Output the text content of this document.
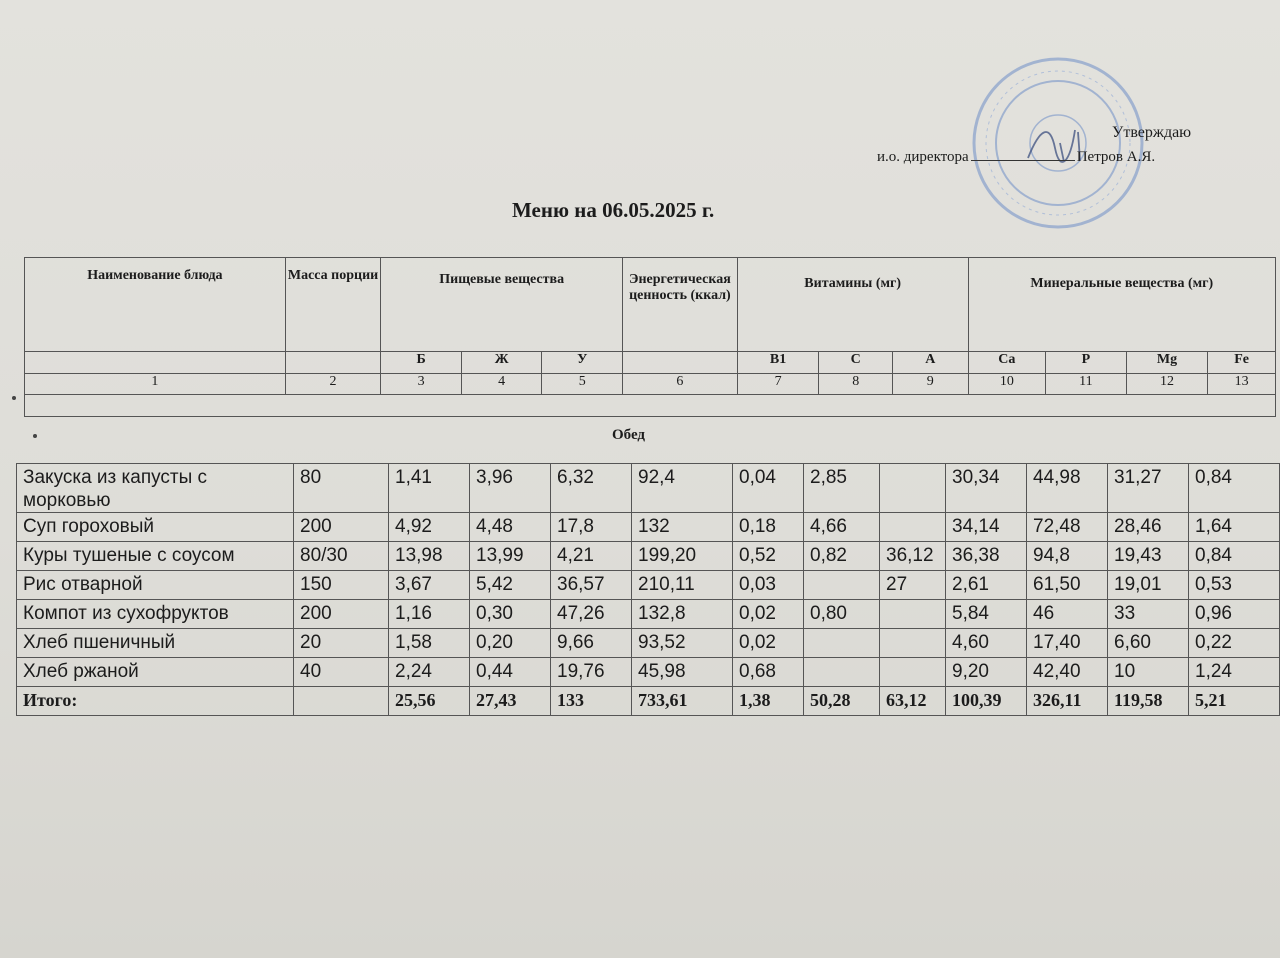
Утверждаю
и.о. директора	Петров А.Я.
Меню на 06.05.2025 г.
Наименование блюда	Масса порции	Пищевые вещества			Энергетическая ценность (ккал)	Витамины (мг)			Минеральные вещества (мг)			
		Б	Ж	У		В1	С	А	Ca	P	Mg	Fe
1	2	3	4	5	6	7	8	9	10	11	12	13

Обед
Закуска из капусты с морковью	80	1,41	3,96	6,32	92,4	0,04	2,85		30,34	44,98	31,27	0,84
Суп гороховый	200	4,92	4,48	17,8	132	0,18	4,66		34,14	72,48	28,46	1,64
Куры тушеные с соусом	80/30	13,98	13,99	4,21	199,20	0,52	0,82	36,12	36,38	94,8	19,43	0,84
Рис отварной	150	3,67	5,42	36,57	210,11	0,03		27	2,61	61,50	19,01	0,53
Компот из сухофруктов	200	1,16	0,30	47,26	132,8	0,02	0,80		5,84	46	33	0,96
Хлеб пшеничный	20	1,58	0,20	9,66	93,52	0,02			4,60	17,40	6,60	0,22
Хлеб ржаной	40	2,24	0,44	19,76	45,98	0,68			9,20	42,40	10	1,24
Итого:		25,56	27,43	133	733,61	1,38	50,28	63,12	100,39	326,11	119,58	5,21
